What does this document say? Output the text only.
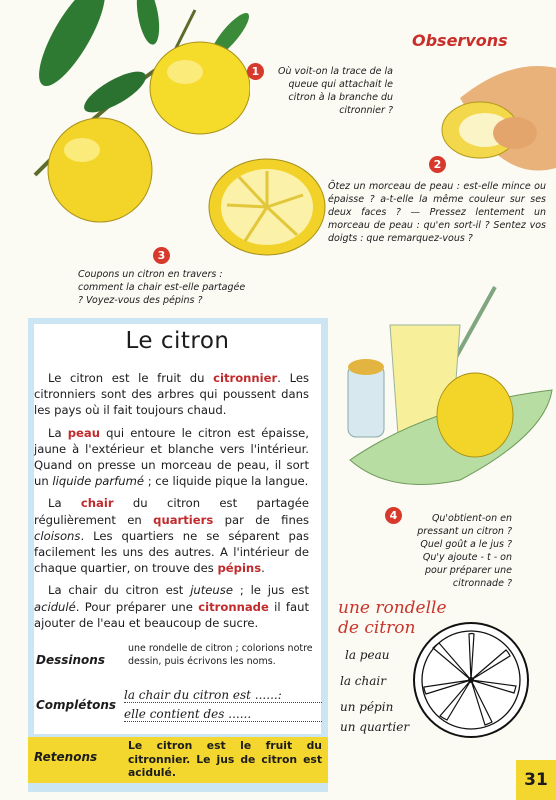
Observons
1	Où voit-on la trace de la queue qui attachait le citron à la branche du citronnier ?
2
Ôtez un morceau de peau : est-elle mince ou épaisse ? a-t-elle la même couleur sur ses deux faces ? — Pressez lentement un morceau de peau : qu'en sort-il ? Sentez vos doigts : que remarquez-vous ?
3
Coupons un citron en travers : comment la chair est-elle partagée ? Voyez-vous des pépins ?
4	Qu'obtient-on en pressant un citron ? Quel goût a le jus ? Qu'y ajoute - t - on pour préparer une citronnade ?
Le citron

Le citron est le fruit du citronnier. Les citronniers sont des arbres qui poussent dans les pays où il fait toujours chaud.

La peau qui entoure le citron est épaisse, jaune à l'extérieur et blanche vers l'intérieur. Quand on presse un morceau de peau, il sort un liquide parfumé ; ce liquide pique la langue.

La chair du citron est partagée régulièrement en quartiers par de fines cloisons. Les quartiers ne se séparent pas facilement les uns des autres. A l'intérieur de chaque quartier, on trouve des pépins.

La chair du citron est juteuse ; le jus est acidulé. Pour préparer une citronnade il faut ajouter de l'eau et beaucoup de sucre.

Dessinons
une rondelle de citron ; colorions notre dessin, puis écrivons les noms.
Complétons
la chair du citron est ......:
elle contient des ......
Retenons
Le citron est le fruit du citronnier. Le jus de citron est acidulé.
une rondelle
de citron
la peau
la chair
un pépin
un quartier
31
